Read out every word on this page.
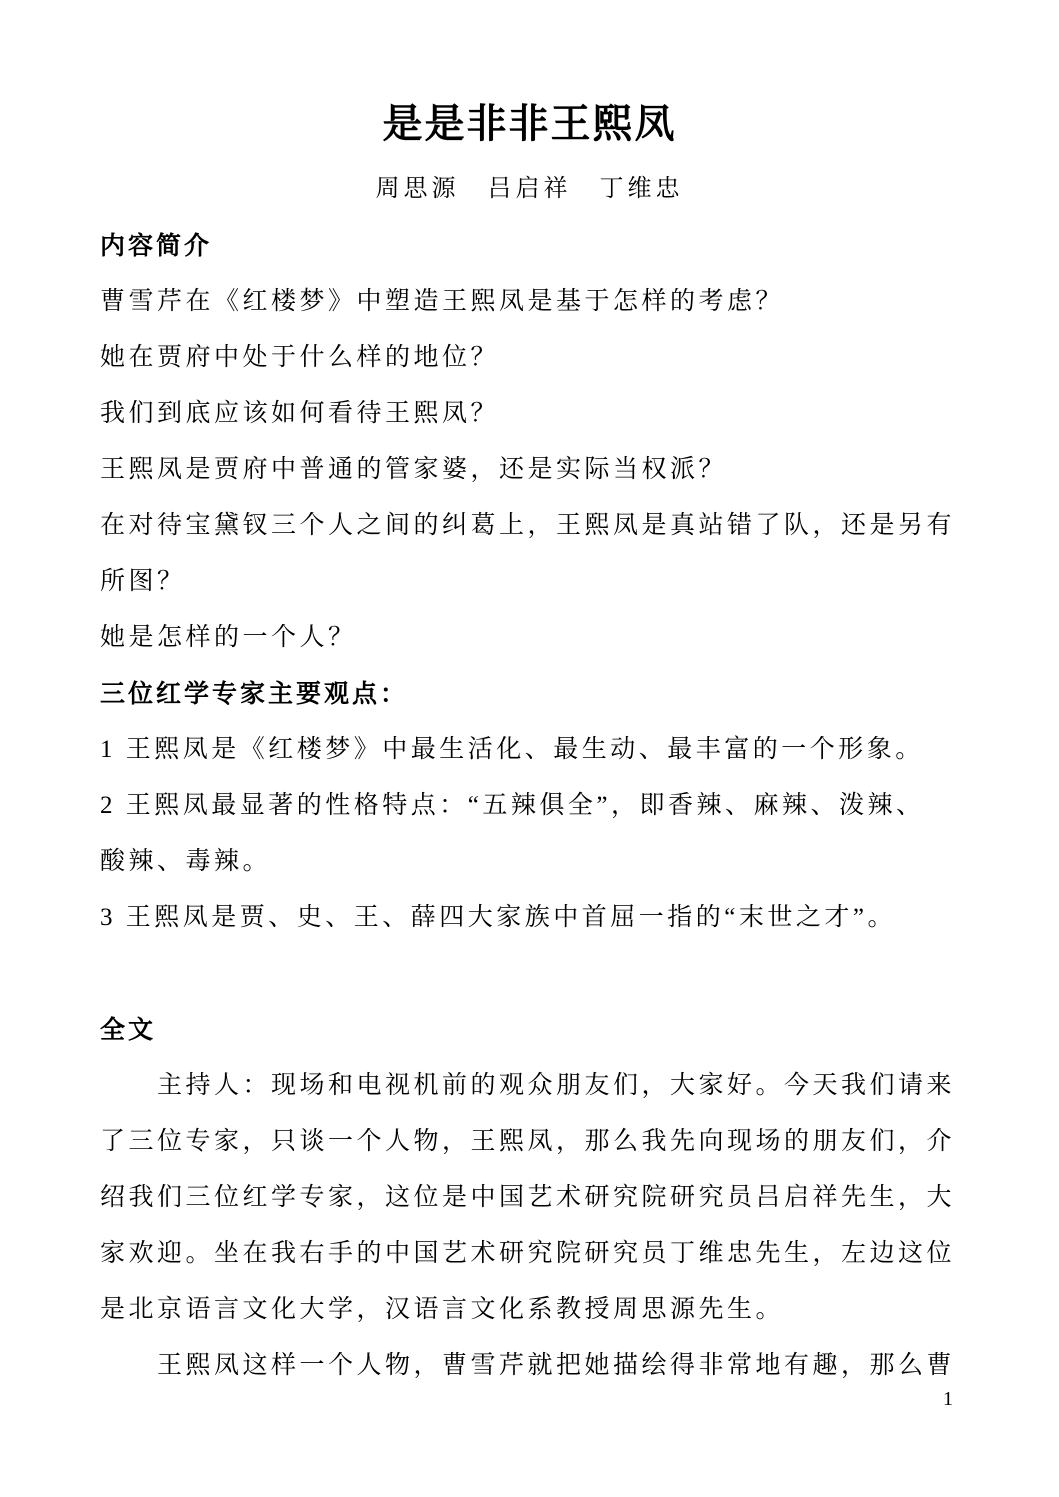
是是非非王熙凤
周思源　吕启祥　丁维忠
内容简介
曹雪芹在《红楼梦》中塑造王熙凤是基于怎样的考虑？
她在贾府中处于什么样的地位？
我们到底应该如何看待王熙凤？
王熙凤是贾府中普通的管家婆，还是实际当权派？
在对待宝黛钗三个人之间的纠葛上，王熙凤是真站错了队，还是另有
所图？
她是怎样的一个人？
三位红学专家主要观点：
1 王熙凤是《红楼梦》中最生活化、最生动、最丰富的一个形象。
2 王熙凤最显著的性格特点：“五辣俱全”，即香辣、麻辣、泼辣、
酸辣、毒辣。
3 王熙凤是贾、史、王、薛四大家族中首屈一指的“末世之才”。
全文
主持人：现场和电视机前的观众朋友们，大家好。今天我们请来
了三位专家，只谈一个人物，王熙凤，那么我先向现场的朋友们，介
绍我们三位红学专家，这位是中国艺术研究院研究员吕启祥先生，大
家欢迎。坐在我右手的中国艺术研究院研究员丁维忠先生，左边这位
是北京语言文化大学，汉语言文化系教授周思源先生。
王熙凤这样一个人物，曹雪芹就把她描绘得非常地有趣，那么曹
1
